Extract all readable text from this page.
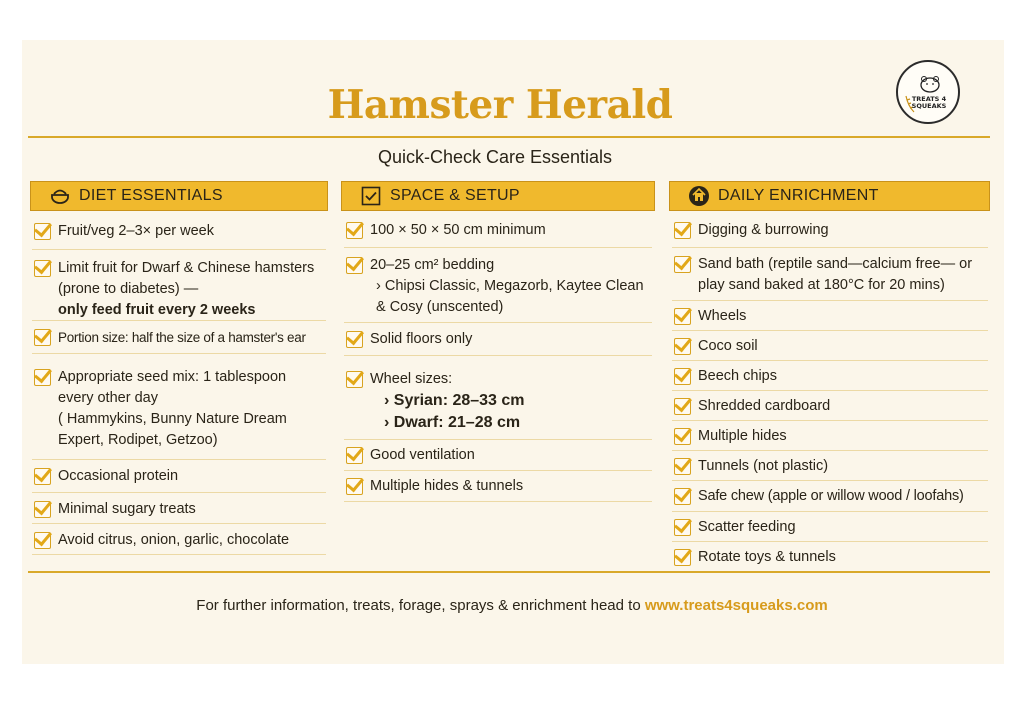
Hamster Herald	TREATS 4 SQUEAKS
Quick-Check Care Essentials
DIET ESSENTIALS	SPACE & SETUP	DAILY ENRICHMENT
Fruit/veg 2–3× per week
Limit fruit for Dwarf & Chinese hamsters (prone to diabetes) —
only feed fruit every 2 weeks
Portion size: half the size of a hamster's ear
Appropriate seed mix: 1 tablespoon every other day
( Hammykins, Bunny Nature Dream Expert, Rodipet, Getzoo)
Occasional protein
Minimal sugary treats
Avoid citrus, onion, garlic, chocolate
100 × 50 × 50 cm minimum
20–25 cm² bedding
› Chipsi Classic, Megazorb, Kaytee Clean & Cosy (unscented)
Solid floors only
Wheel sizes:
› Syrian: 28–33 cm
› Dwarf: 21–28 cm
Good ventilation
Multiple hides & tunnels
Digging & burrowing
Sand bath (reptile sand—calcium free— or play sand baked at 180°C for 20 mins)
Wheels
Coco soil
Beech chips
Shredded cardboard
Multiple hides
Tunnels (not plastic)
Safe chew (apple or willow wood / loofahs)
Scatter feeding
Rotate toys & tunnels
For further information, treats, forage, sprays & enrichment head to www.treats4squeaks.com
